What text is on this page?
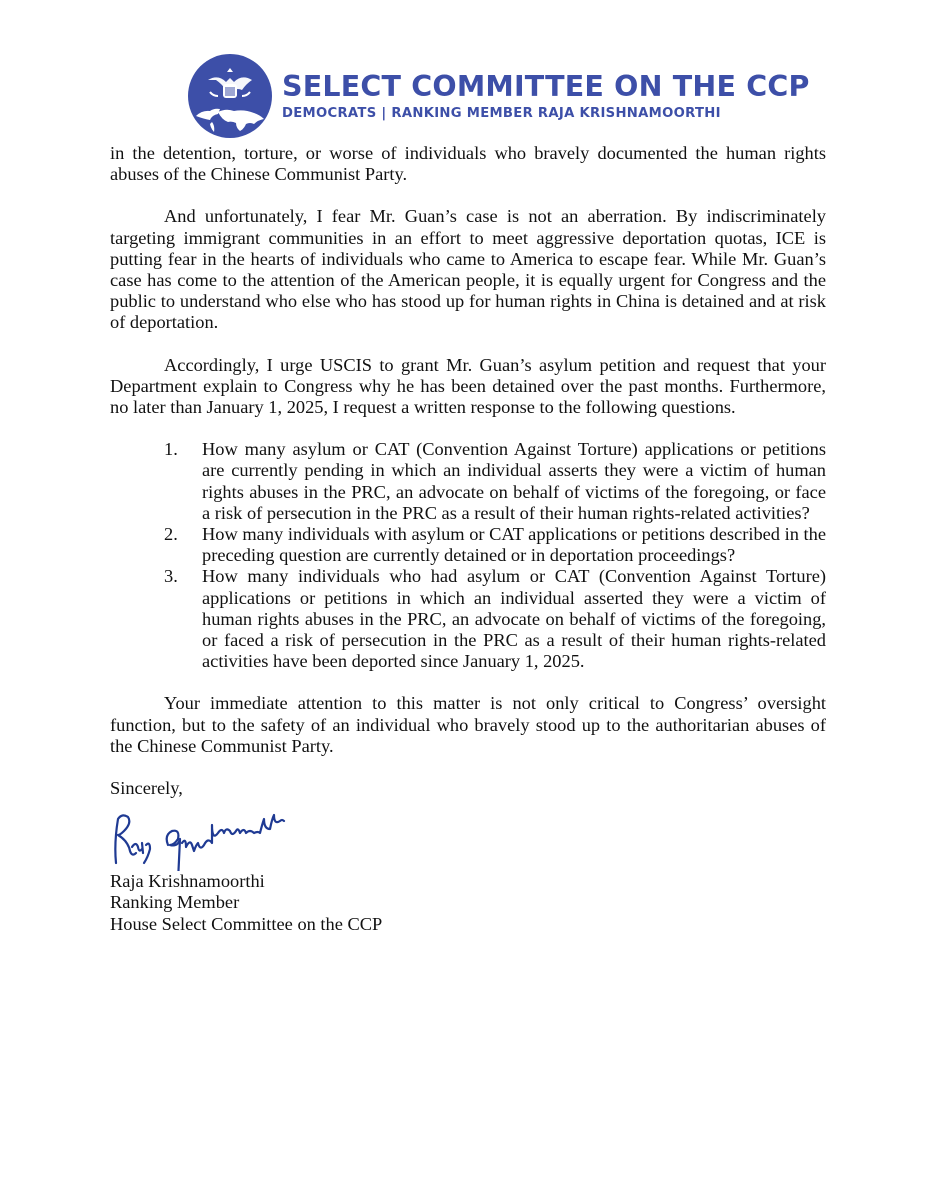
SELECT COMMITTEE ON THE CCP
DEMOCRATS | RANKING MEMBER RAJA KRISHNAMOORTHI

in the detention, torture, or worse of individuals who bravely documented the human rights abuses of the Chinese Communist Party.

And unfortunately, I fear Mr. Guan’s case is not an aberration. By indiscriminately targeting immigrant communities in an effort to meet aggressive deportation quotas, ICE is putting fear in the hearts of individuals who came to America to escape fear. While Mr. Guan’s case has come to the attention of the American people, it is equally urgent for Congress and the public to understand who else who has stood up for human rights in China is detained and at risk of deportation.

Accordingly, I urge USCIS to grant Mr. Guan’s asylum petition and request that your Department explain to Congress why he has been detained over the past months. Furthermore, no later than January 1, 2025, I request a written response to the following questions.

1. How many asylum or CAT (Convention Against Torture) applications or petitions are currently pending in which an individual asserts they were a victim of human rights abuses in the PRC, an advocate on behalf of victims of the foregoing, or face a risk of persecution in the PRC as a result of their human rights-related activities?
2. How many individuals with asylum or CAT applications or petitions described in the preceding question are currently detained or in deportation proceedings?
3. How many individuals who had asylum or CAT (Convention Against Torture) applications or petitions in which an individual asserted they were a victim of human rights abuses in the PRC, an advocate on behalf of victims of the foregoing, or faced a risk of persecution in the PRC as a result of their human rights-related activities have been deported since January 1, 2025.

Your immediate attention to this matter is not only critical to Congress’ oversight function, but to the safety of an individual who bravely stood up to the authoritarian abuses of the Chinese Communist Party.

Sincerely,

Raja Krishnamoorthi

Ranking Member

House Select Committee on the CCP
